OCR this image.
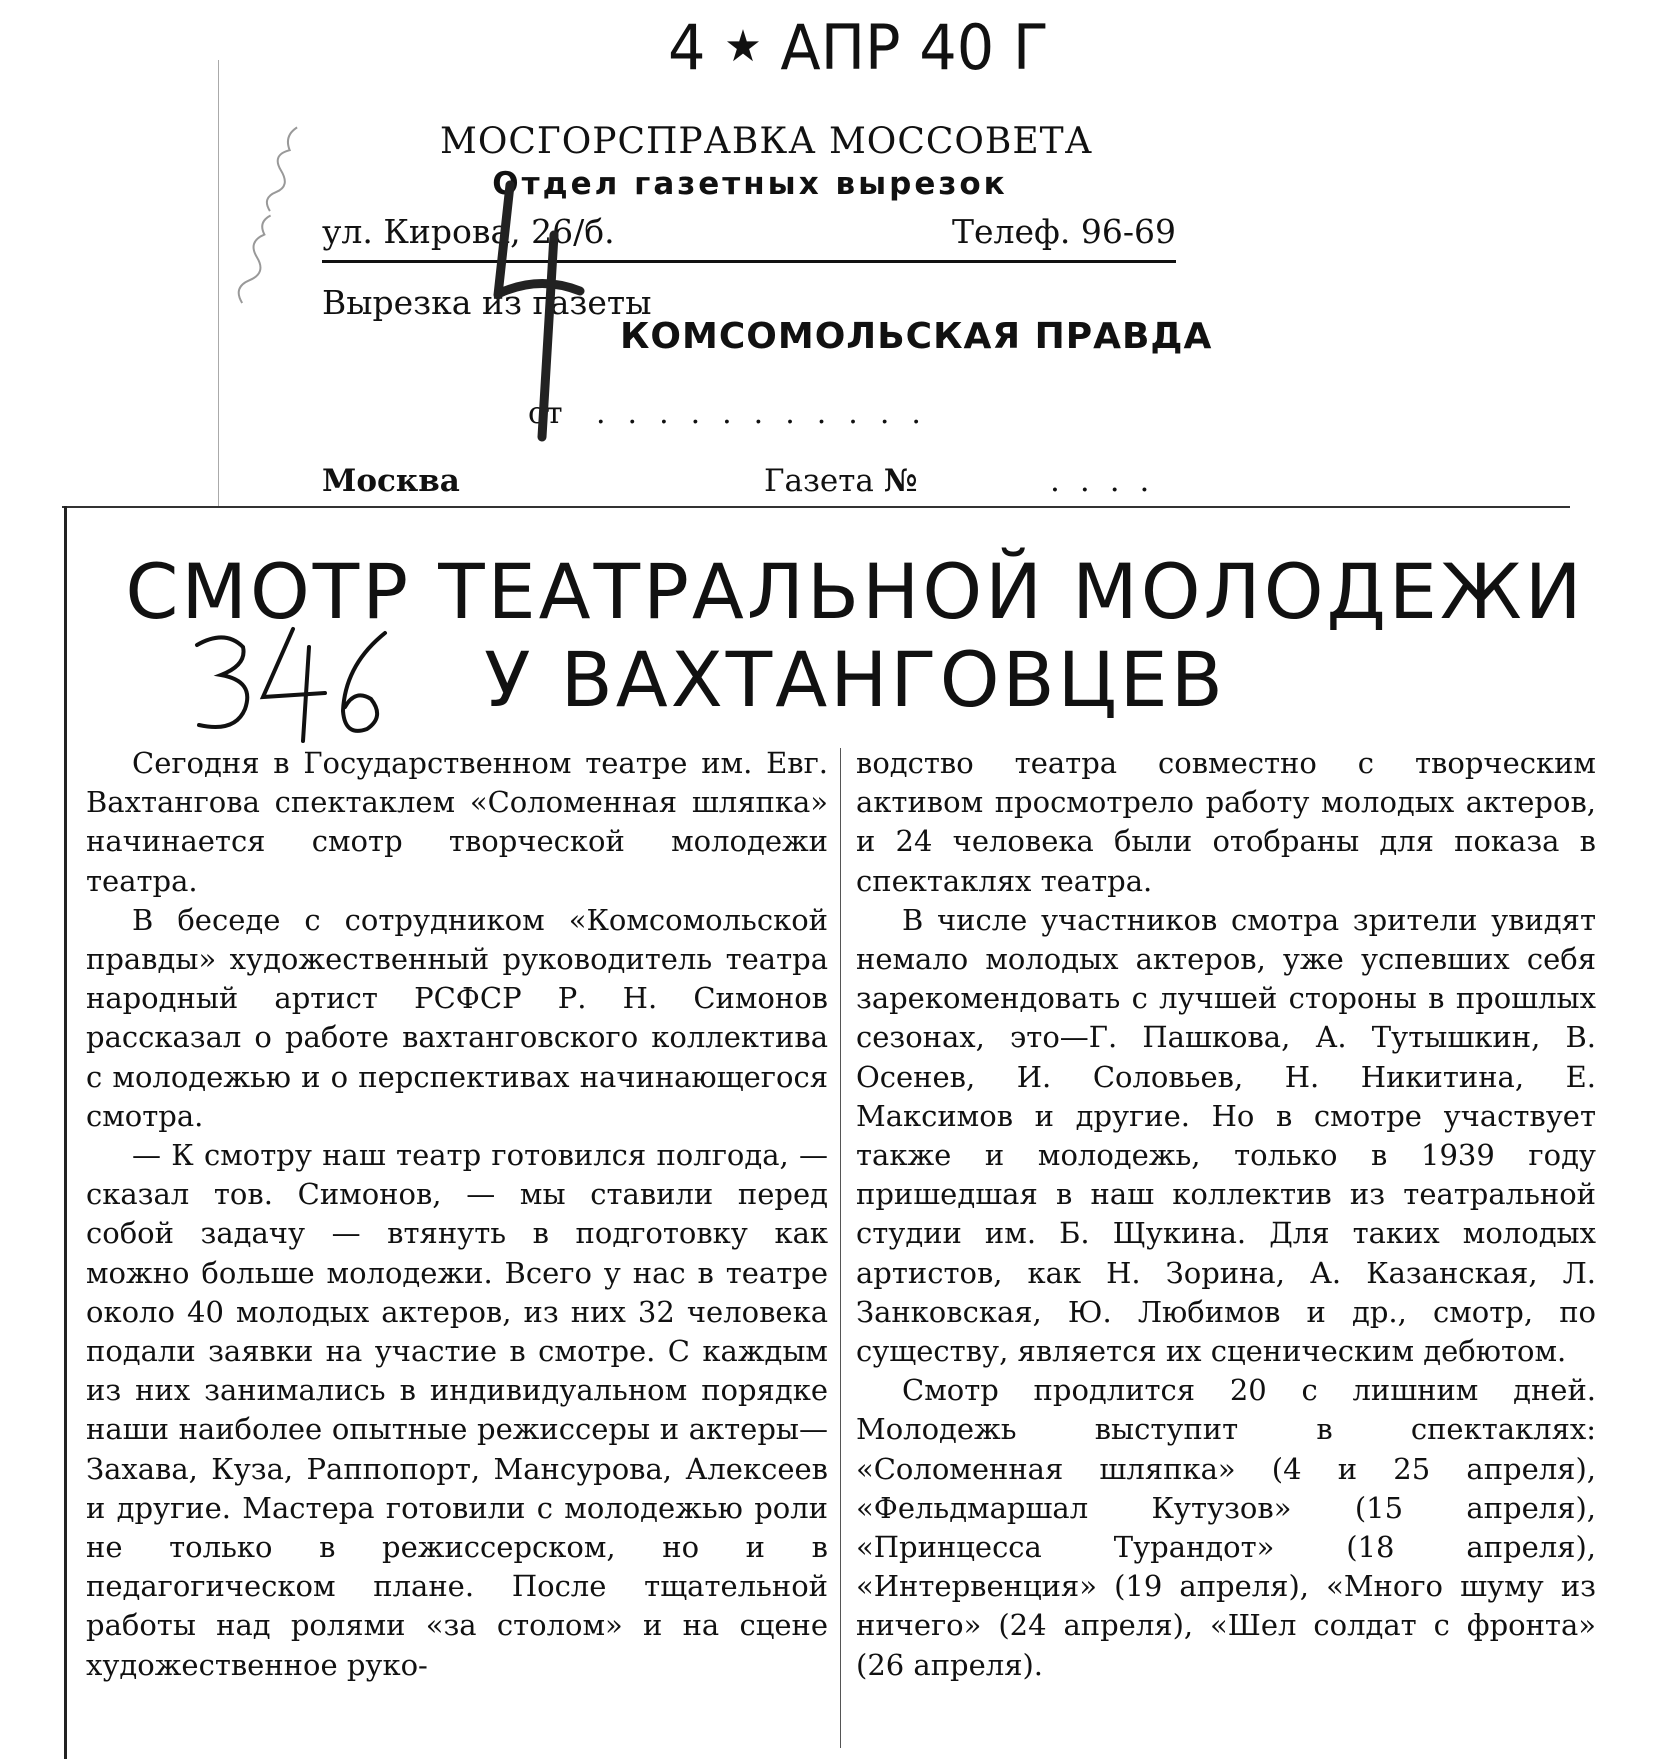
4 ★ АПР 40 Г
МОСГОРСПРАВКА МОССОВЕТА
Отдел газетных вырезок
ул. Кирова, 26/б.	Телеф. 96-69
Вырезка из газеты
КОМСОМОЛЬСКАЯ ПРАВДА
от ...........
Москва	Газета №	....
СМОТР ТЕАТРАЛЬНОЙ МОЛОДЕЖИ
У ВАХТАНГОВЦЕВ

Сегодня в Государственном театре им. Евг. Вахтангова спектаклем «Соломенная шляпка» начинается смотр творческой молодежи театра.

В беседе с сотрудником «Комсомольской правды» художественный руководитель театра народный артист РСФСР Р. Н. Симонов рассказал о работе вахтанговского коллектива с молодежью и о перспективах начинающегося смотра.

— К смотру наш театр готовился полгода, — сказал тов. Симонов, — мы ставили перед собой задачу — втянуть в подготовку как можно больше молодежи. Всего у нас в театре около 40 молодых актеров, из них 32 человека подали заявки на участие в смотре. С каждым из них занимались в индивидуальном порядке наши наиболее опытные режиссеры и актеры—Захава, Куза, Раппопорт, Мансурова, Алексеев и другие. Мастера готовили с молодежью роли не только в режиссерском, но и в педагогическом плане. После тщательной работы над ролями «за столом» и на сцене художественное руко-

водство театра совместно с творческим активом просмотрело работу молодых актеров, и 24 человека были отобраны для показа в спектаклях театра.

В числе участников смотра зрители увидят немало молодых актеров, уже успевших себя зарекомендовать с лучшей стороны в прошлых сезонах, это—Г. Пашкова, А. Тутышкин, В. Осенев, И. Соловьев, Н. Никитина, Е. Максимов и другие. Но в смотре участвует также и молодежь, только в 1939 году пришедшая в наш коллектив из театральной студии им. Б. Щукина. Для таких молодых артистов, как Н. Зорина, А. Казанская, Л. Занковская, Ю. Любимов и др., смотр, по существу, является их сценическим дебютом.

Смотр продлится 20 с лишним дней. Молодежь выступит в спектаклях: «Соломенная шляпка» (4 и 25 апреля), «Фельдмаршал Кутузов» (15 апреля), «Принцесса Турандот» (18 апреля), «Интервенция» (19 апреля), «Много шуму из ничего» (24 апреля), «Шел солдат с фронта» (26 апреля).
